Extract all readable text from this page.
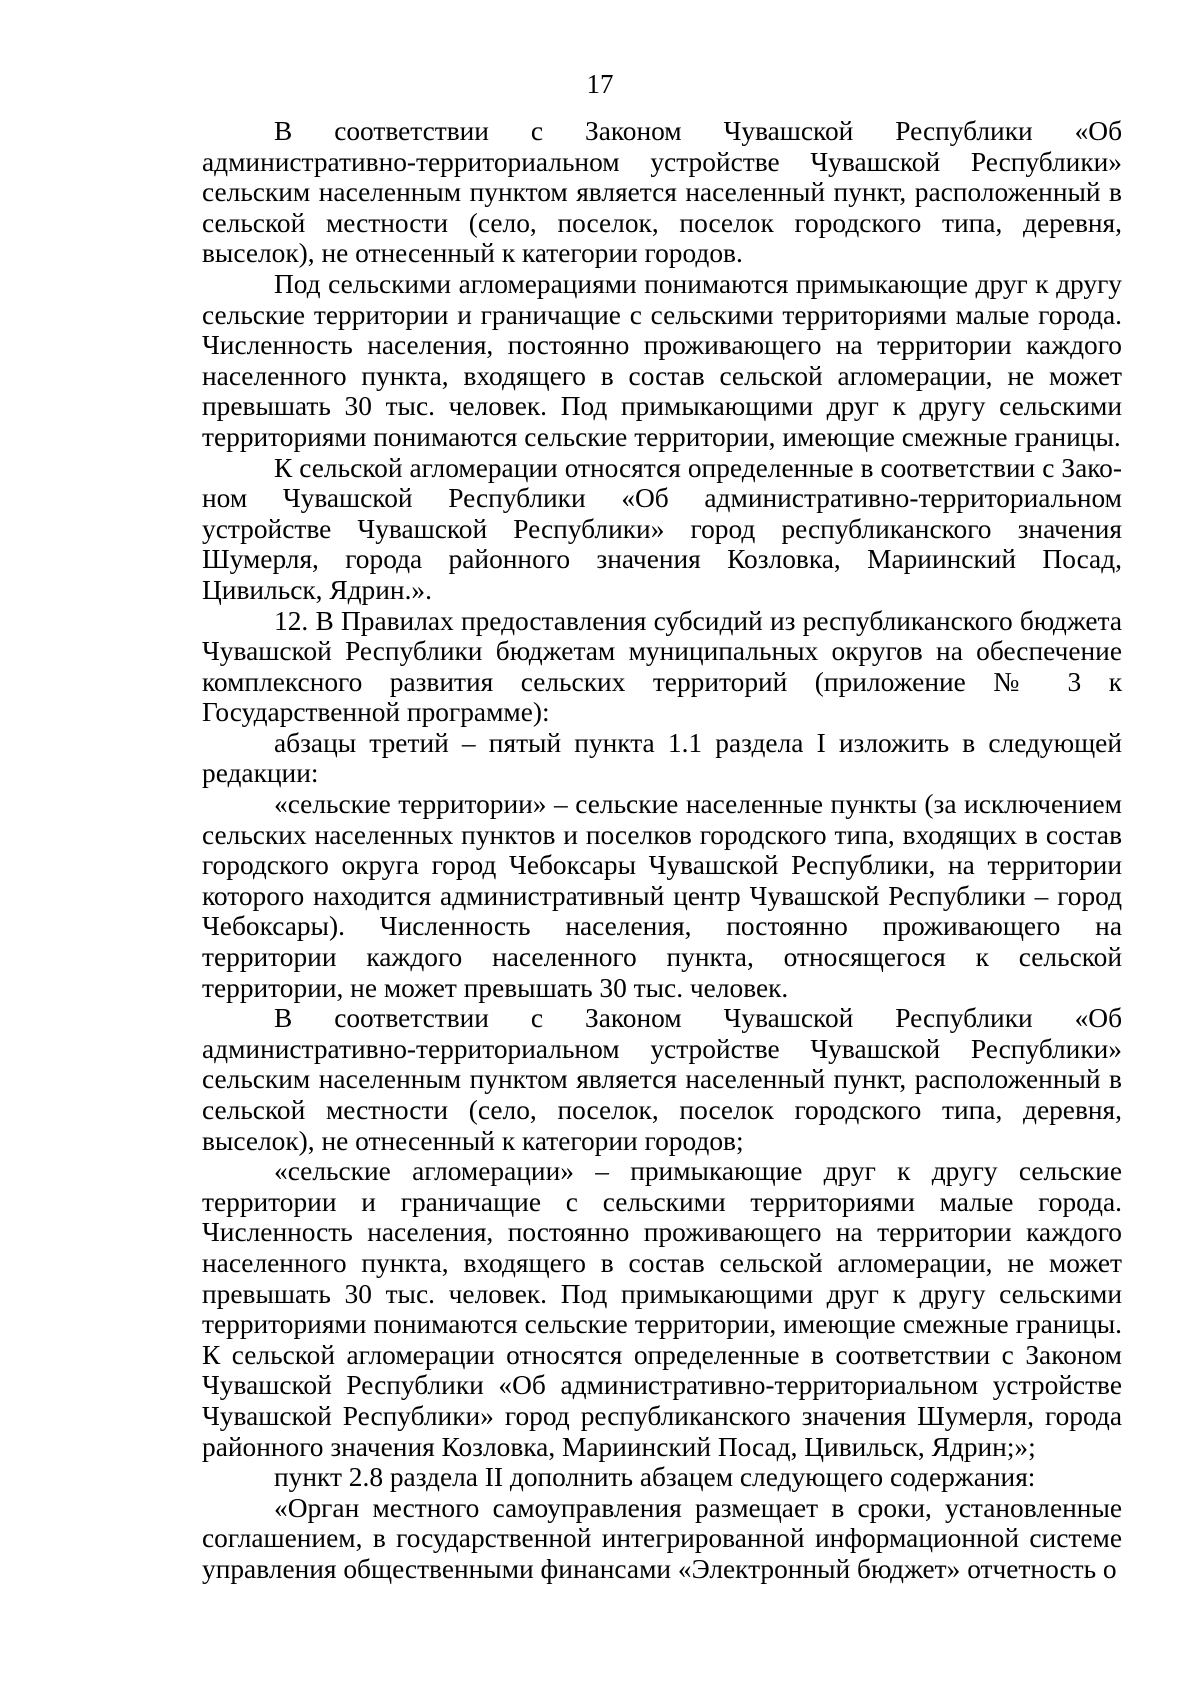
17

В соответствии с Законом Чувашской Республики «Об административно-территориальном устройстве Чувашской Республики» сельским населенным пунктом является населенный пункт, расположенный в сельской местности (село, поселок, поселок городского типа, деревня, выселок), не отнесенный к категории городов.

Под сельскими агломерациями понимаются примыкающие друг к другу сельские территории и граничащие с сельскими территориями малые города. Численность населения, постоянно проживающего на территории каждого населенного пункта, входящего в состав сельской агломерации, не может превышать 30 тыс. человек. Под примыкающими друг к другу сельскими территориями понимаются сельские территории, имеющие смежные границы.

К сельской агломерации относятся определенные в соответствии с Законом Чувашской Республики «Об административно-территориальном устройстве Чувашской Республики» город республиканского значения Шумерля, города районного значения Козловка, Мариинский Посад, Цивильск, Ядрин.».

12. В Правилах предоставления субсидий из республиканского бюджета Чувашской Республики бюджетам муниципальных округов на обеспечение комплексного развития сельских территорий (приложение № 3 к Государственной программе):

абзацы третий – пятый пункта 1.1 раздела I изложить в следующей редакции:

«сельские территории» – сельские населенные пункты (за исключением сельских населенных пунктов и поселков городского типа, входящих в состав городского округа город Чебоксары Чувашской Республики, на территории которого находится административный центр Чувашской Республики – город Чебоксары). Численность населения, постоянно проживающего на территории каждого населенного пункта, относящегося к сельской территории, не может превышать 30 тыс. человек.

В соответствии с Законом Чувашской Республики «Об административно-территориальном устройстве Чувашской Республики» сельским населенным пунктом является населенный пункт, расположенный в сельской местности (село, поселок, поселок городского типа, деревня, выселок), не отнесенный к категории городов;

«сельские агломерации» – примыкающие друг к другу сельские территории и граничащие с сельскими территориями малые города. Численность населения, постоянно проживающего на территории каждого населенного пункта, входящего в состав сельской агломерации, не может превышать 30 тыс. человек. Под примыкающими друг к другу сельскими территориями понимаются сельские территории, имеющие смежные границы. К сельской агломерации относятся определенные в соответствии с Законом Чувашской Республики «Об административно-территориальном устройстве Чувашской Республики» город республиканского значения Шумерля, города районного значения Козловка, Мариинский Посад, Цивильск, Ядрин;»;

пункт 2.8 раздела II дополнить абзацем следующего содержания:

«Орган местного самоуправления размещает в сроки, установленные соглашением, в государственной интегрированной информационной системе управления общественными финансами «Электронный бюджет» отчетность о
